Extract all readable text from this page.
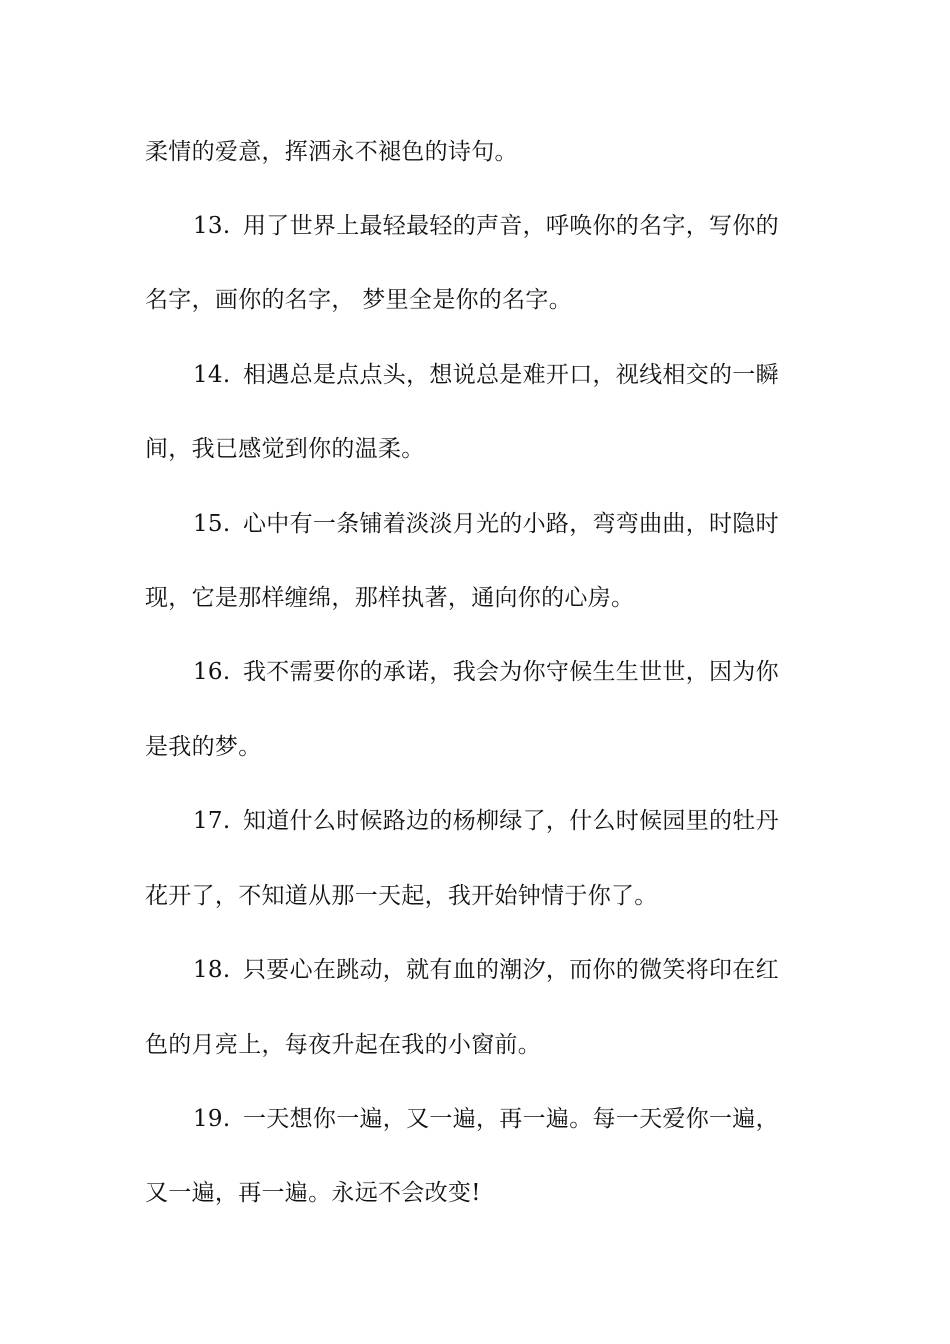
柔情的爱意，挥洒永不褪色的诗句。
13. 用了世界上最轻最轻的声音，呼唤你的名字，写你的
名字，画你的名字， 梦里全是你的名字。
14. 相遇总是点点头，想说总是难开口，视线相交的一瞬
间，我已感觉到你的温柔。
15. 心中有一条铺着淡淡月光的小路，弯弯曲曲，时隐时
现，它是那样缠绵，那样执著，通向你的心房。
16. 我不需要你的承诺，我会为你守候生生世世，因为你
是我的梦。
17. 知道什么时候路边的杨柳绿了，什么时候园里的牡丹
花开了，不知道从那一天起，我开始钟情于你了。
18. 只要心在跳动，就有血的潮汐，而你的微笑将印在红
色的月亮上，每夜升起在我的小窗前。
19. 一天想你一遍，又一遍，再一遍。每一天爱你一遍，
又一遍，再一遍。永远不会改变!
